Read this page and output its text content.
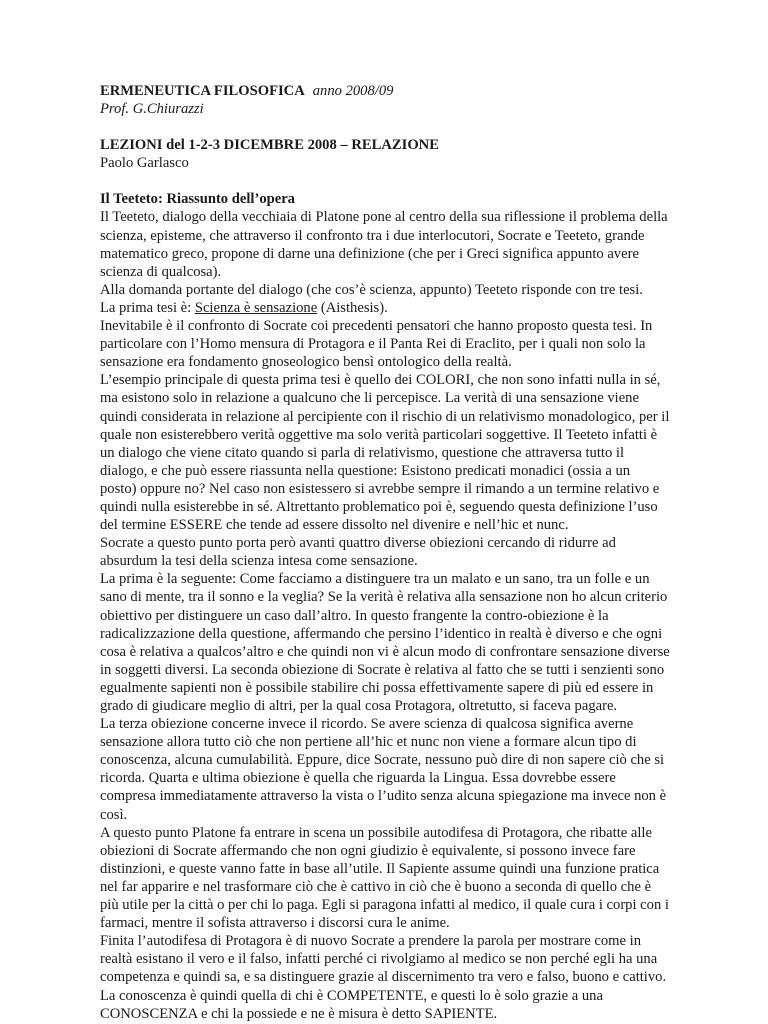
ERMENEUTICA FILOSOFICA anno 2008/09

Prof. G.Chiurazzi

LEZIONI del 1-2-3 DICEMBRE 2008 – RELAZIONE

Paolo Garlasco

Il Teeteto: Riassunto dell’opera

Il Teeteto, dialogo della vecchiaia di Platone pone al centro della sua riflessione il problema della scienza, episteme, che attraverso il confronto tra i due interlocutori, Socrate e Teeteto, grande matematico greco, propone di darne una definizione (che per i Greci significa appunto avere scienza di qualcosa).

Alla domanda portante del dialogo (che cos’è scienza, appunto) Teeteto risponde con tre tesi.

La prima tesi è: Scienza è sensazione (Aisthesis).

Inevitabile è il confronto di Socrate coi precedenti pensatori che hanno proposto questa tesi. In particolare con l’Homo mensura di Protagora e il Panta Rei di Eraclito, per i quali non solo la sensazione era fondamento gnoseologico bensì ontologico della realtà.

L’esempio principale di questa prima tesi è quello dei COLORI, che non sono infatti nulla in sé, ma esistono solo in relazione a qualcuno che li percepisce. La verità di una sensazione viene quindi considerata in relazione al percipiente con il rischio di un relativismo monadologico, per il quale non esisterebbero verità oggettive ma solo verità particolari soggettive. Il Teeteto infatti è un dialogo che viene citato quando si parla di relativismo, questione che attraversa tutto il dialogo, e che può essere riassunta nella questione: Esistono predicati monadici (ossia a un posto) oppure no? Nel caso non esistessero si avrebbe sempre il rimando a un termine relativo e quindi nulla esisterebbe in sé. Altrettanto problematico poi è, seguendo questa definizione l’uso del termine ESSERE che tende ad essere dissolto nel divenire e nell’hic et nunc.

Socrate a questo punto porta però avanti quattro diverse obiezioni cercando di ridurre ad absurdum la tesi della scienza intesa come sensazione.

La prima è la seguente: Come facciamo a distinguere tra un malato e un sano, tra un folle e un sano di mente, tra il sonno e la veglia? Se la verità è relativa alla sensazione non ho alcun criterio obiettivo per distinguere un caso dall’altro. In questo frangente la contro-obiezione è la radicalizzazione della questione, affermando che persino l’identico in realtà è diverso e che ogni cosa è relativa a qualcos’altro e che quindi non vi è alcun modo di confrontare sensazione diverse in soggetti diversi. La seconda obiezione di Socrate è relativa al fatto che se tutti i senzienti sono egualmente sapienti non è possibile stabilire chi possa effettivamente sapere di più ed essere in grado di giudicare meglio di altri, per la qual cosa Protagora, oltretutto, si faceva pagare.

La terza obiezione concerne invece il ricordo. Se avere scienza di qualcosa significa averne sensazione allora tutto ciò che non pertiene all’hic et nunc non viene a formare alcun tipo di conoscenza, alcuna cumulabilità. Eppure, dice Socrate, nessuno può dire di non sapere ciò che si ricorda. Quarta e ultima obiezione è quella che riguarda la Lingua. Essa dovrebbe essere compresa immediatamente attraverso la vista o l’udito senza alcuna spiegazione ma invece non è così.

A questo punto Platone fa entrare in scena un possibile autodifesa di Protagora, che ribatte alle obiezioni di Socrate affermando che non ogni giudizio è equivalente, si possono invece fare distinzioni, e queste vanno fatte in base all’utile. Il Sapiente assume quindi una funzione pratica nel far apparire e nel trasformare ciò che è cattivo in ciò che è buono a seconda di quello che è più utile per la città o per chi lo paga. Egli si paragona infatti al medico, il quale cura i corpi con i farmaci, mentre il sofista attraverso i discorsi cura le anime.

Finita l’autodifesa di Protagora è di nuovo Socrate a prendere la parola per mostrare come in realtà esistano il vero e il falso, infatti perché ci rivolgiamo al medico se non perché egli ha una competenza e quindi sa, e sa distinguere grazie al discernimento tra vero e falso, buono e cattivo.

La conoscenza è quindi quella di chi è COMPETENTE, e questi lo è solo grazie a una CONOSCENZA e chi la possiede e ne è misura è detto SAPIENTE.
